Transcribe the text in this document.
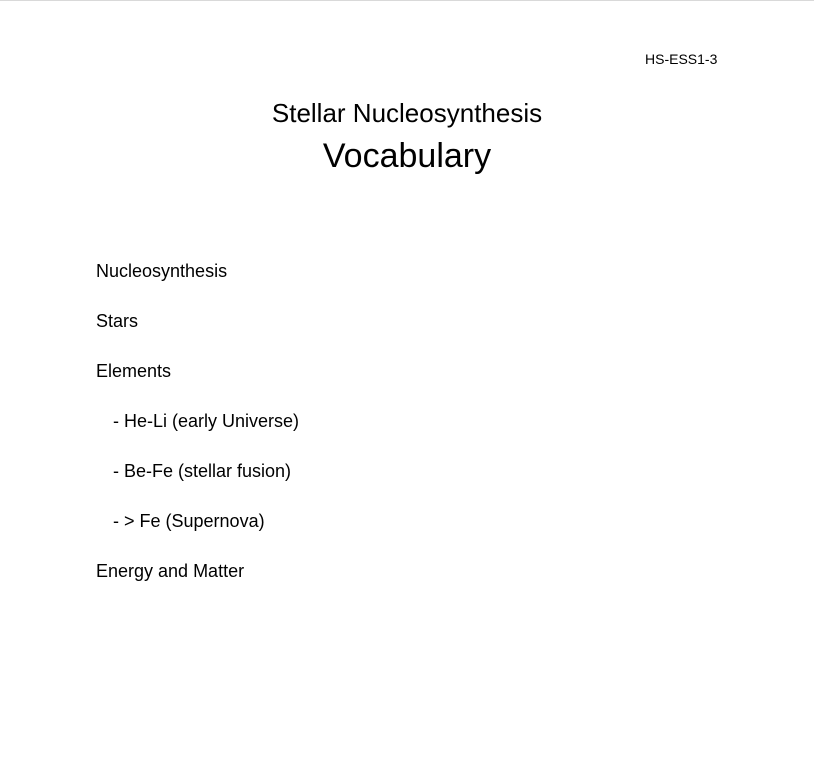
HS-ESS1-3
Stellar Nucleosynthesis
Vocabulary
Nucleosynthesis
Stars
Elements
- He-Li (early Universe)
- Be-Fe (stellar fusion)
- > Fe (Supernova)
Energy and Matter
